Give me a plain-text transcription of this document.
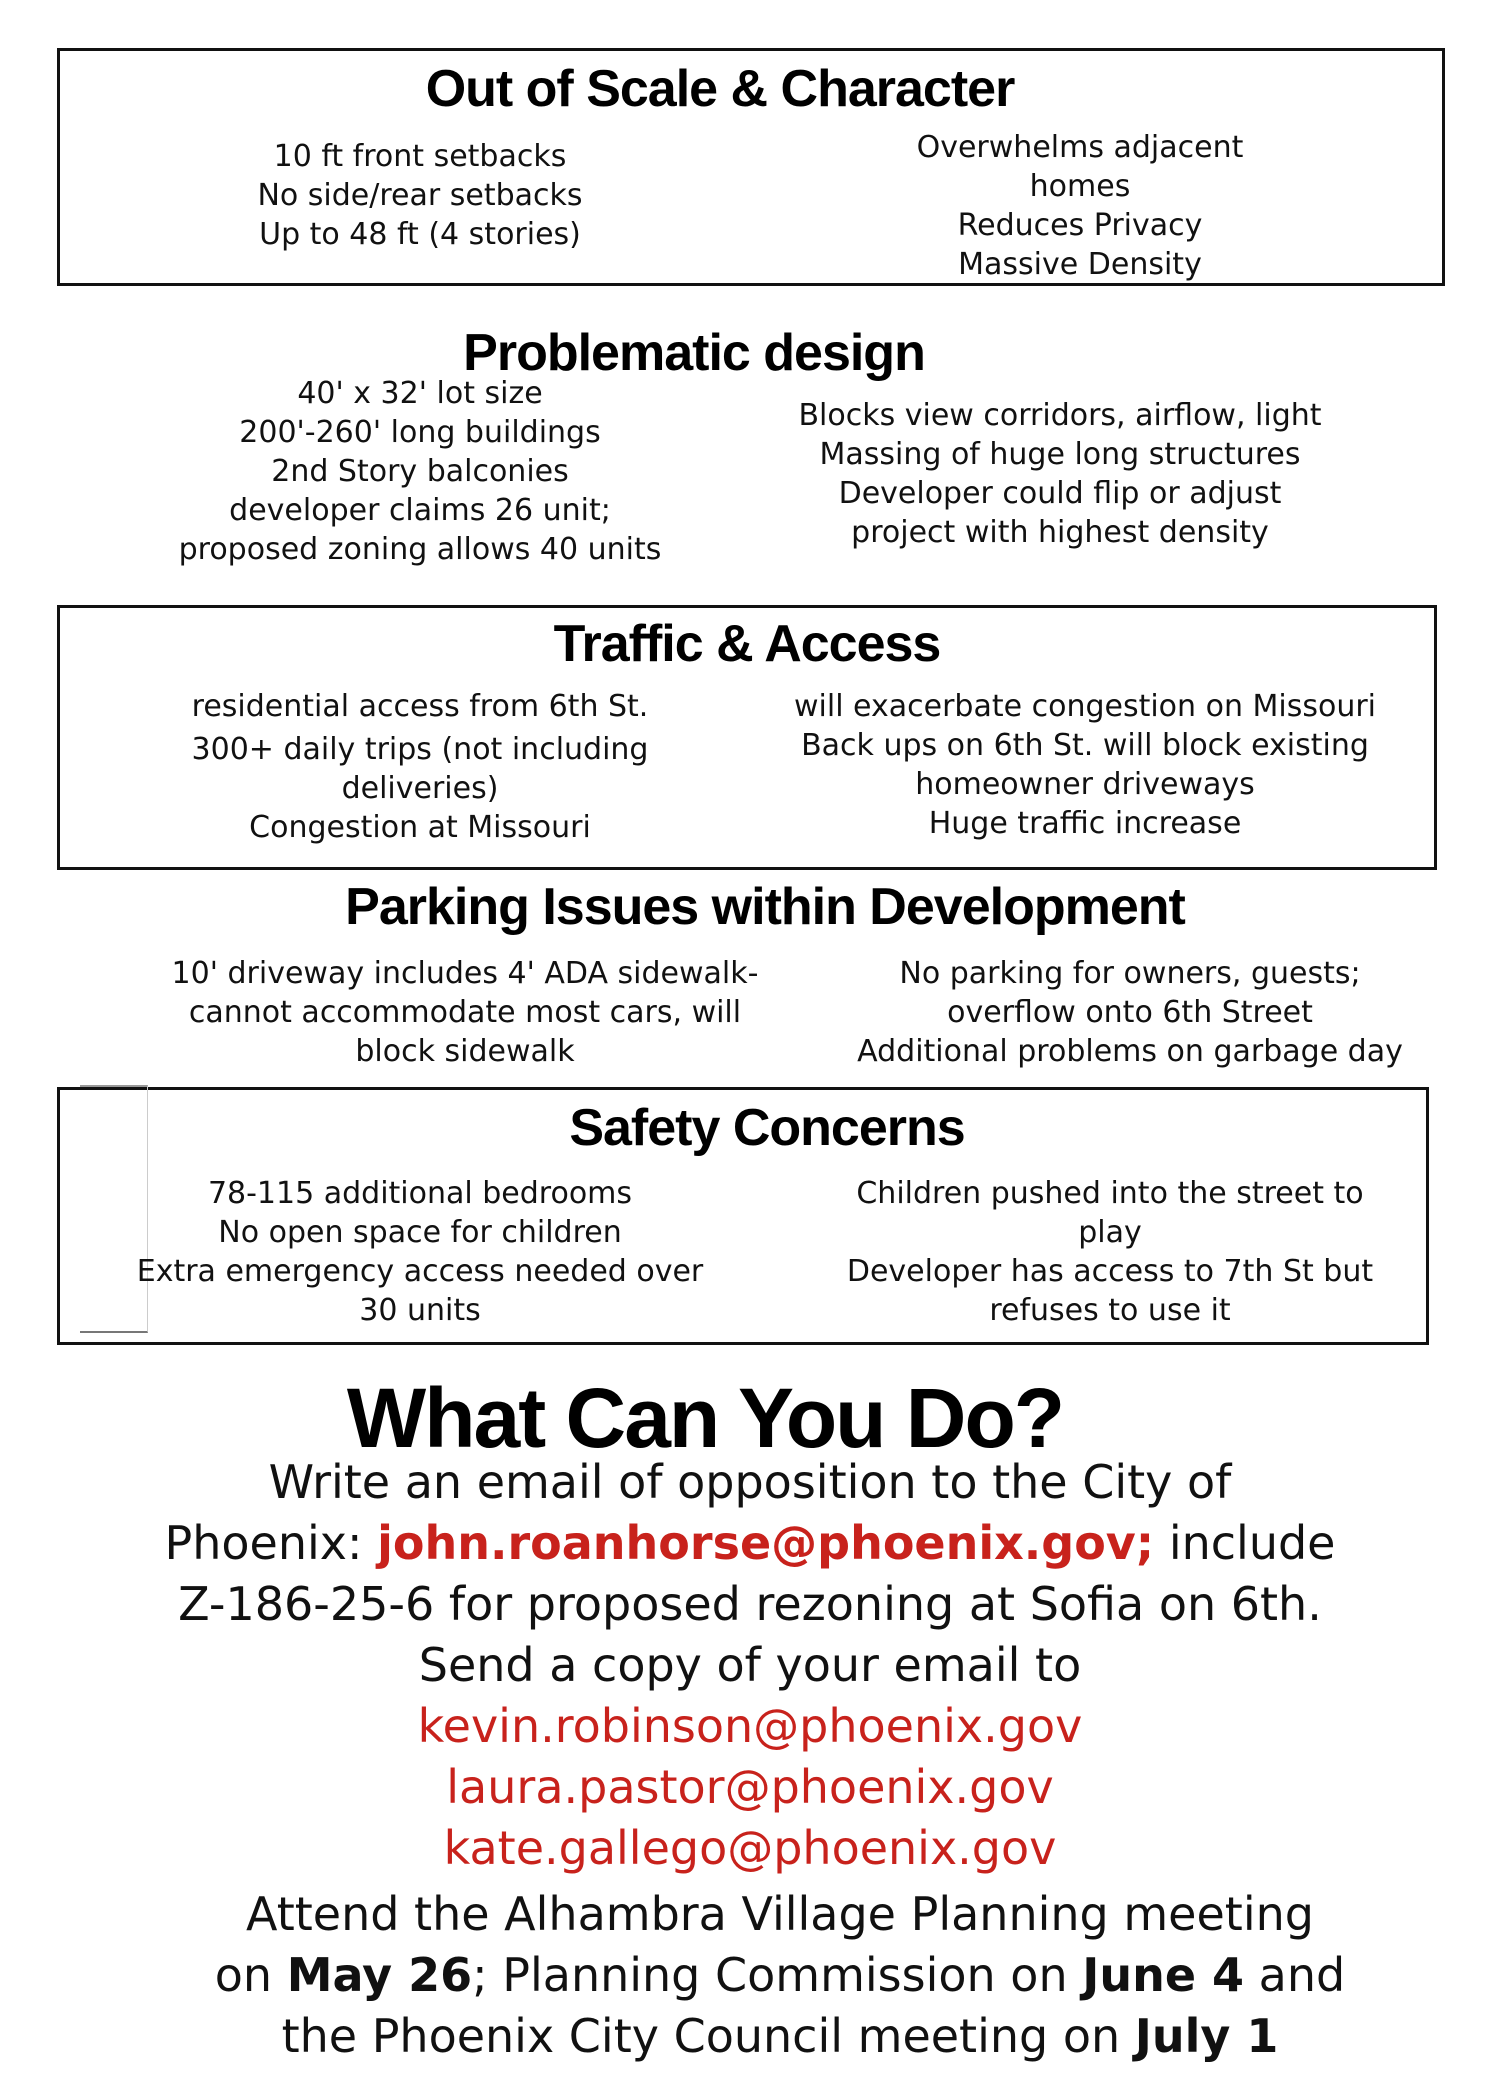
Out of Scale & Character
10 ft front setbacks
No side/rear setbacks
Up to 48 ft (4 stories)
Overwhelms adjacent
homes
Reduces Privacy
Massive Density
Problematic design
40' x 32' lot size
200'-260' long buildings
2nd Story balconies
developer claims 26 unit;
proposed zoning allows 40 units
Blocks view corridors, airflow, light
Massing of huge long structures
Developer could flip or adjust
project with highest density
Traffic & Access
residential access from 6th St.
300+ daily trips (not including
deliveries)
Congestion at Missouri
will exacerbate congestion on Missouri
Back ups on 6th St. will block existing
homeowner driveways
Huge traffic increase
Parking Issues within Development
10' driveway includes 4' ADA sidewalk-
cannot accommodate most cars, will
block sidewalk
No parking for owners, guests;
overflow onto 6th Street
Additional problems on garbage day
Safety Concerns
78-115 additional bedrooms
No open space for children
Extra emergency access needed over
30 units
Children pushed into the street to
play
Developer has access to 7th St but
refuses to use it
What Can You Do?
Write an email of opposition to the City of
Phoenix: john.roanhorse@phoenix.gov; include
Z-186-25-6 for proposed rezoning at Sofia on 6th.
Send a copy of your email to
kevin.robinson@phoenix.gov
laura.pastor@phoenix.gov
kate.gallego@phoenix.gov
Attend the Alhambra Village Planning meeting
on May 26; Planning Commission on June 4 and
the Phoenix City Council meeting on July 1
